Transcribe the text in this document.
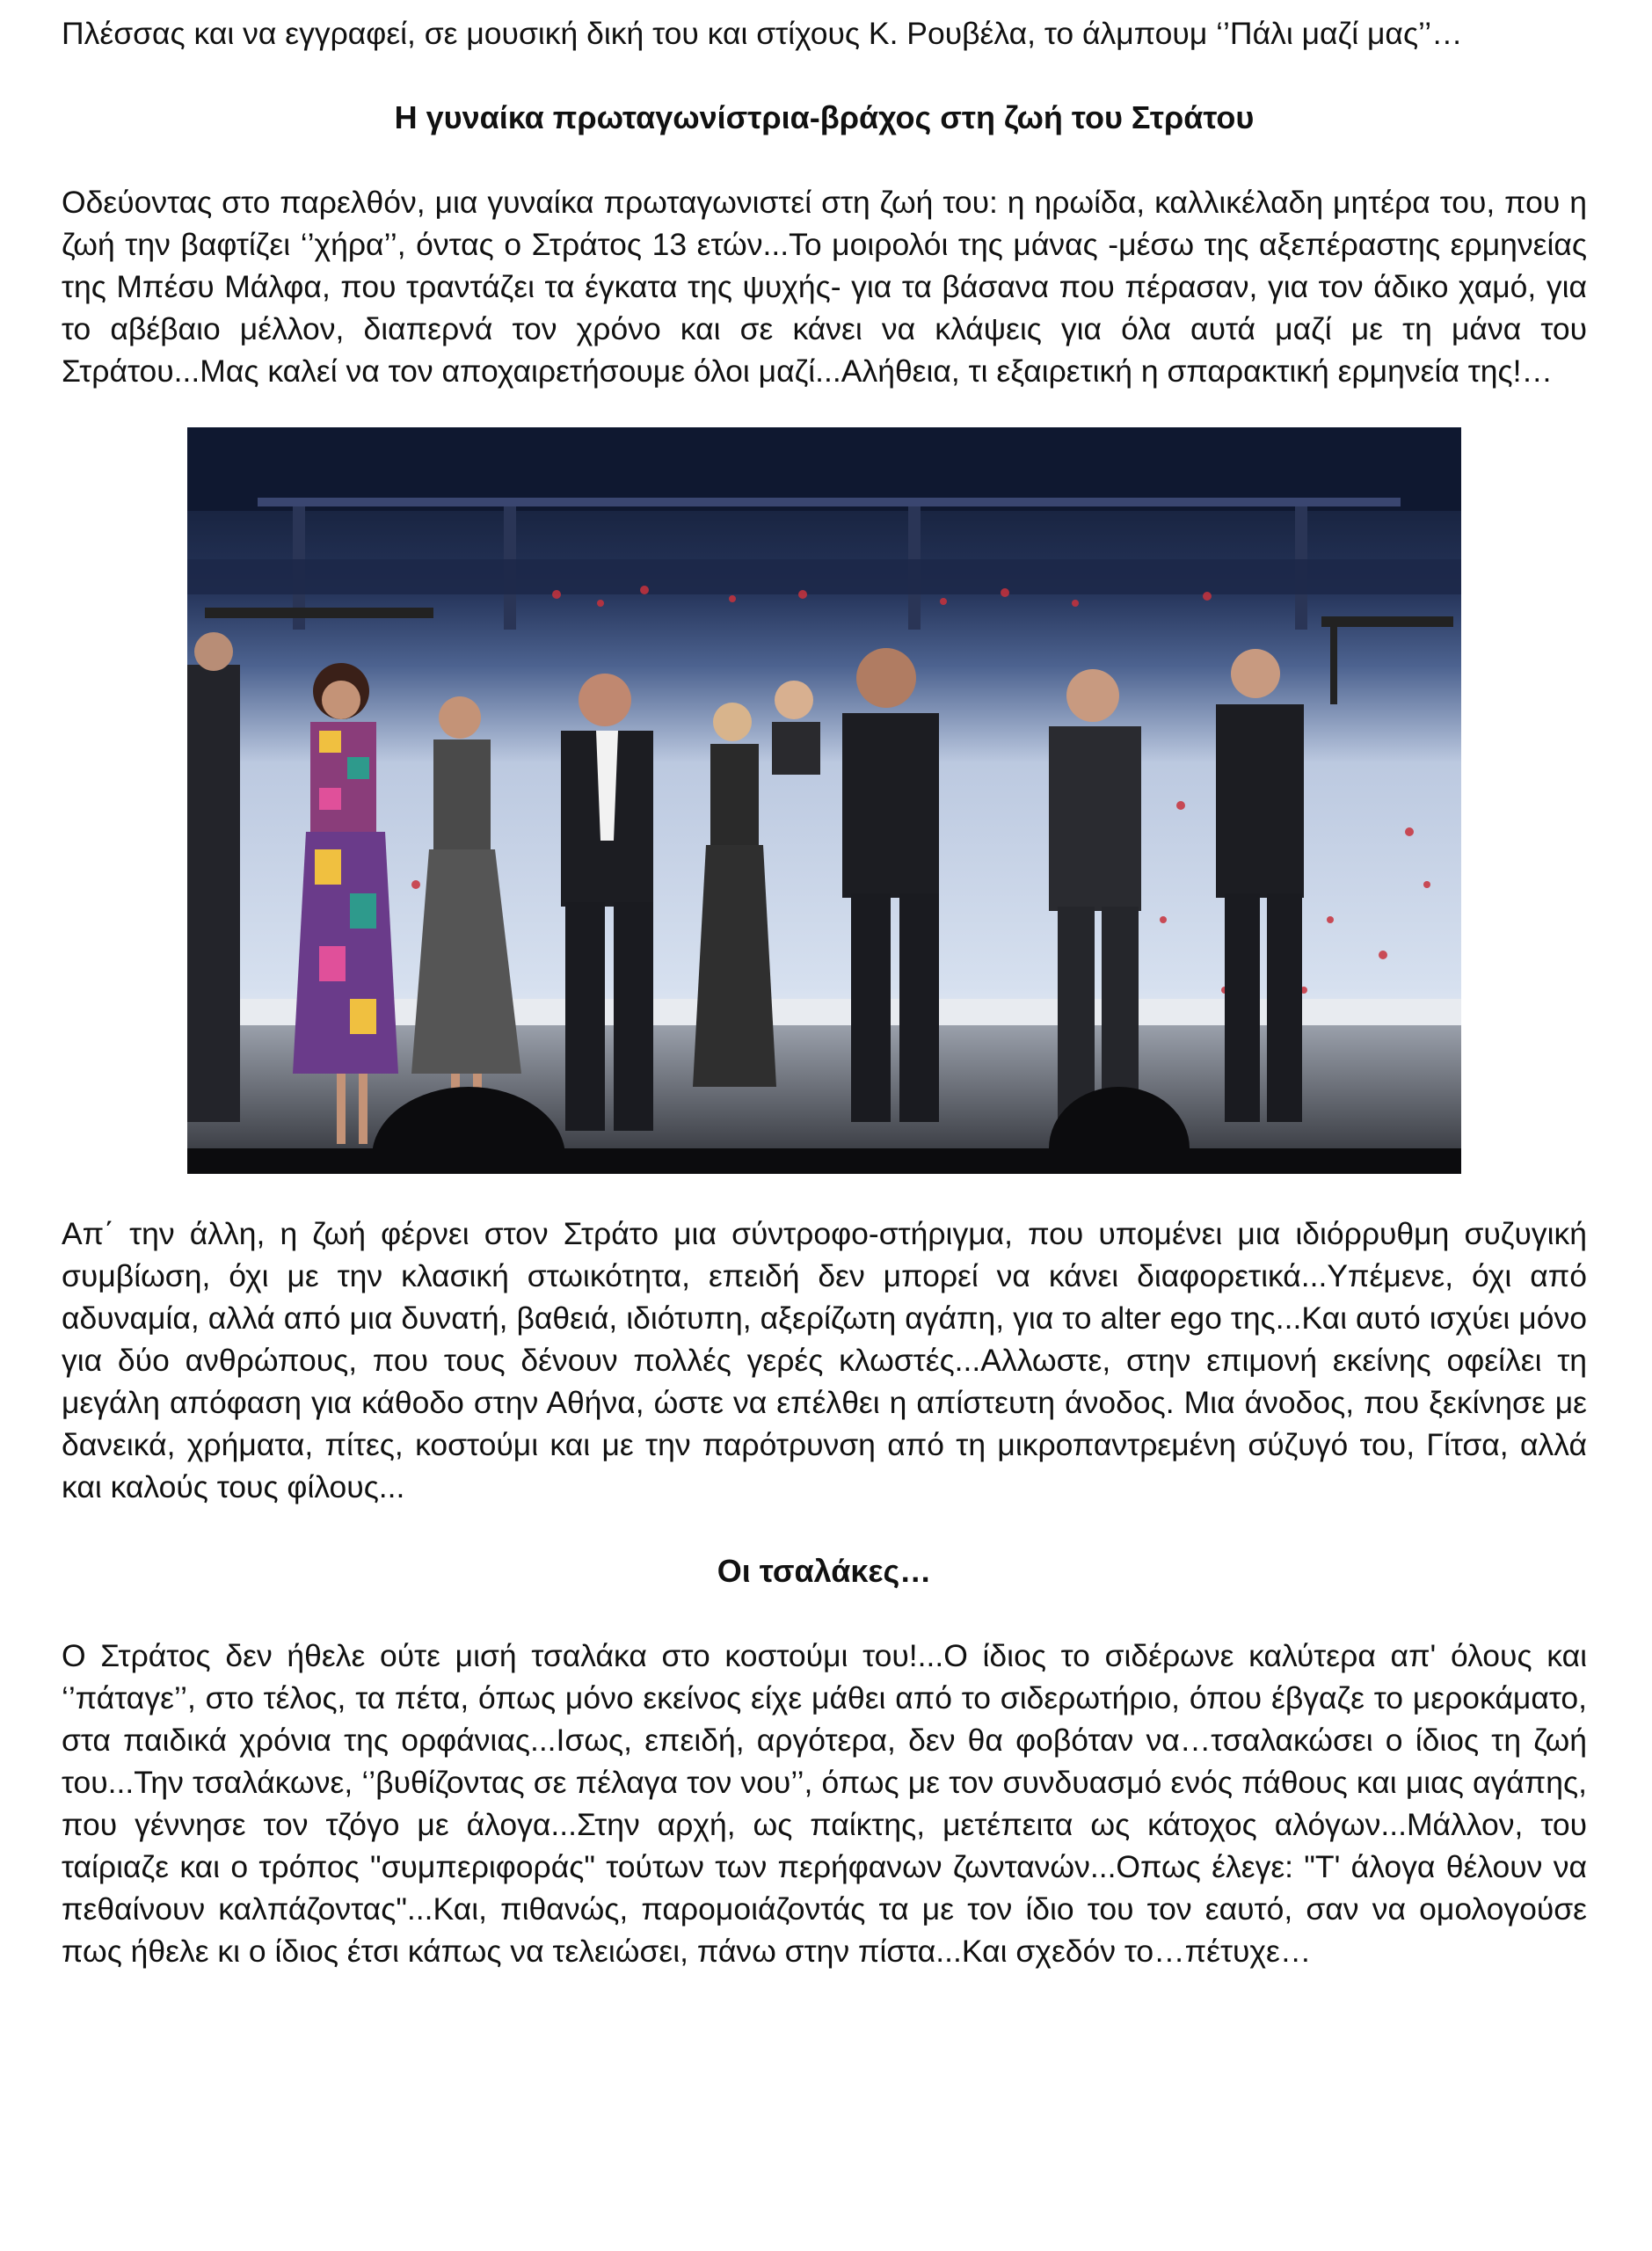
Πλέσσας και να εγγραφεί, σε μουσική δική του και στίχους Κ. Ρουβέλα, το άλμπουμ ‘’Πάλι μαζί μας’’…

Η γυναίκα πρωταγωνίστρια-βράχος στη ζωή του Στράτου

Οδεύοντας στο παρελθόν, μια γυναίκα πρωταγωνιστεί στη ζωή του: η ηρωίδα, καλλικέλαδη μητέρα του, που η ζωή την βαφτίζει ‘’χήρα’’, όντας ο Στράτος 13 ετών...Το μοιρολόι της μάνας -μέσω της αξεπέραστης ερμηνείας της Μπέσυ Μάλφα, που τραντάζει τα έγκατα της ψυχής- για τα βάσανα που πέρασαν, για τον άδικο χαμό, για το αβέβαιο μέλλον, διαπερνά τον χρόνο και σε κάνει να κλάψεις για όλα αυτά μαζί με τη μάνα του Στράτου...Μας καλεί να τον αποχαιρετήσουμε όλοι μαζί...Αλήθεια, τι εξαιρετική η σπαρακτική ερμηνεία της!…

Απ΄ την άλλη, η ζωή φέρνει στον Στράτο μια σύντροφο-στήριγμα, που υπομένει μια ιδιόρρυθμη συζυγική συμβίωση, όχι με την κλασική στωικότητα, επειδή δεν μπορεί να κάνει διαφορετικά...Υπέμενε, όχι από αδυναμία, αλλά από μια δυνατή, βαθειά, ιδιότυπη, αξερίζωτη αγάπη, για το alter ego της...Και αυτό ισχύει μόνο για δύο ανθρώπους, που τους δένουν πολλές γερές κλωστές...Αλλωστε, στην επιμονή εκείνης οφείλει τη μεγάλη απόφαση για κάθοδο στην Αθήνα, ώστε να επέλθει η απίστευτη άνοδος. Μια άνοδος, που ξεκίνησε με δανεικά, χρήματα, πίτες, κοστούμι και με την παρότρυνση από τη μικροπαντρεμένη σύζυγό του, Γίτσα, αλλά και καλούς τους φίλους...

Οι τσαλάκες…

Ο Στράτος δεν ήθελε ούτε μισή τσαλάκα στο κοστούμι του!...Ο ίδιος το σιδέρωνε καλύτερα απ' όλους και ‘’πάταγε’’, στο τέλος, τα πέτα, όπως μόνο εκείνος είχε μάθει από το σιδερωτήριο, όπου έβγαζε το μεροκάματο, στα παιδικά χρόνια της ορφάνιας...Ισως, επειδή, αργότερα, δεν θα φοβόταν να…τσαλακώσει ο ίδιος τη ζωή του...Την τσαλάκωνε, ‘’βυθίζοντας σε πέλαγα τον νου’’, όπως με τον συνδυασμό ενός πάθους και μιας αγάπης, που γέννησε τον τζόγο με άλογα...Στην αρχή, ως παίκτης, μετέπειτα ως κάτοχος αλόγων...Μάλλον, του ταίριαζε και ο τρόπος "συμπεριφοράς" τούτων των περήφανων ζωντανών...Οπως έλεγε: "Τ' άλογα θέλουν να πεθαίνουν καλπάζοντας"...Και, πιθανώς, παρομοιάζοντάς τα με τον ίδιο του τον εαυτό, σαν να ομολογούσε πως ήθελε κι ο ίδιος έτσι κάπως να τελειώσει, πάνω στην πίστα...Και σχεδόν το…πέτυχε…
